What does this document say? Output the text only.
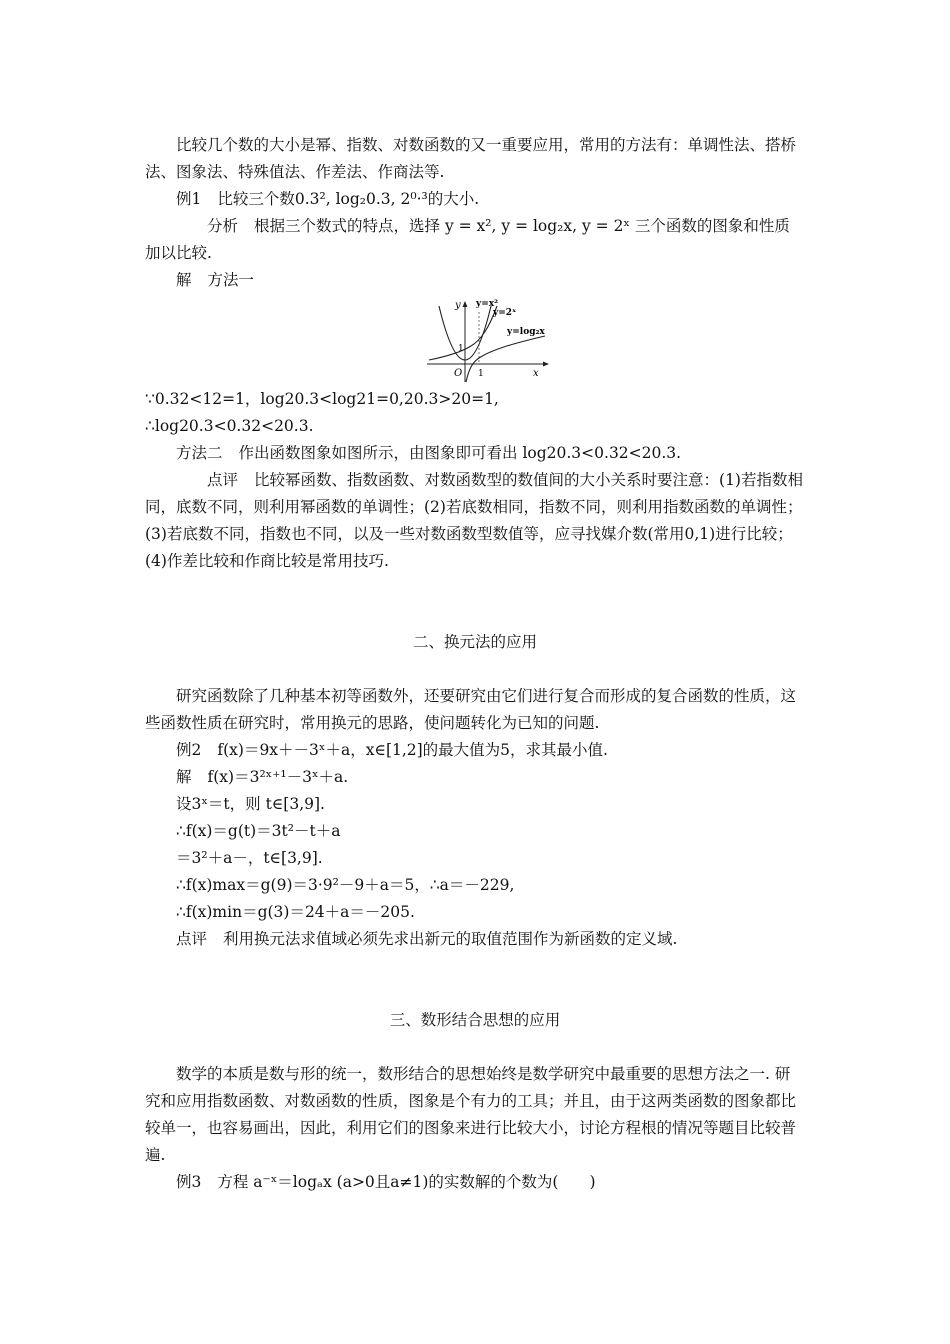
比较几个数的大小是幂、指数、对数函数的又一重要应用，常用的方法有：单调性法、搭桥法、图象法、特殊值法、作差法、作商法等.

例1 比较三个数0.3², log₂0.3, 2⁰·³的大小.

分析 根据三个数式的特点，选择 y = x², y = log₂x, y = 2ˣ 三个函数的图象和性质加以比较.

解 方法一

y
x
O 1
1
y=x²
y=2ˣ
y=log₂x

∵0.32<12=1，log20.3<log21=0,20.3>20=1,

∴log20.3<0.32<20.3.

方法二 作出函数图象如图所示，由图象即可看出 log20.3<0.32<20.3.

点评 比较幂函数、指数函数、对数函数型的数值间的大小关系时要注意：(1)若指数相同，底数不同，则利用幂函数的单调性；(2)若底数相同，指数不同，则利用指数函数的单调性；(3)若底数不同，指数也不同，以及一些对数函数型数值等，应寻找媒介数(常用0,1)进行比较；(4)作差比较和作商比较是常用技巧.

二、换元法的应用

研究函数除了几种基本初等函数外，还要研究由它们进行复合而形成的复合函数的性质，这些函数性质在研究时，常用换元的思路，使问题转化为已知的问题.

例2 f(x)＝9x＋－3ˣ＋a，x∈[1,2]的最大值为5，求其最小值.

解 f(x)＝3²ˣ⁺¹－3ˣ＋a.

设3ˣ＝t，则 t∈[3,9].

∴f(x)＝g(t)＝3t²－t＋a

＝3²＋a－，t∈[3,9].

∴f(x)max＝g(9)＝3·9²－9＋a＝5，∴a＝－229,

∴f(x)min＝g(3)＝24＋a＝－205.

点评 利用换元法求值域必须先求出新元的取值范围作为新函数的定义域.

三、数形结合思想的应用

数学的本质是数与形的统一，数形结合的思想始终是数学研究中最重要的思想方法之一. 研究和应用指数函数、对数函数的性质，图象是个有力的工具；并且，由于这两类函数的图象都比较单一，也容易画出，因此，利用它们的图象来进行比较大小，讨论方程根的情况等题目比较普遍.

例3 方程 a⁻ˣ＝logₐx (a>0且a≠1)的实数解的个数为(　　)
